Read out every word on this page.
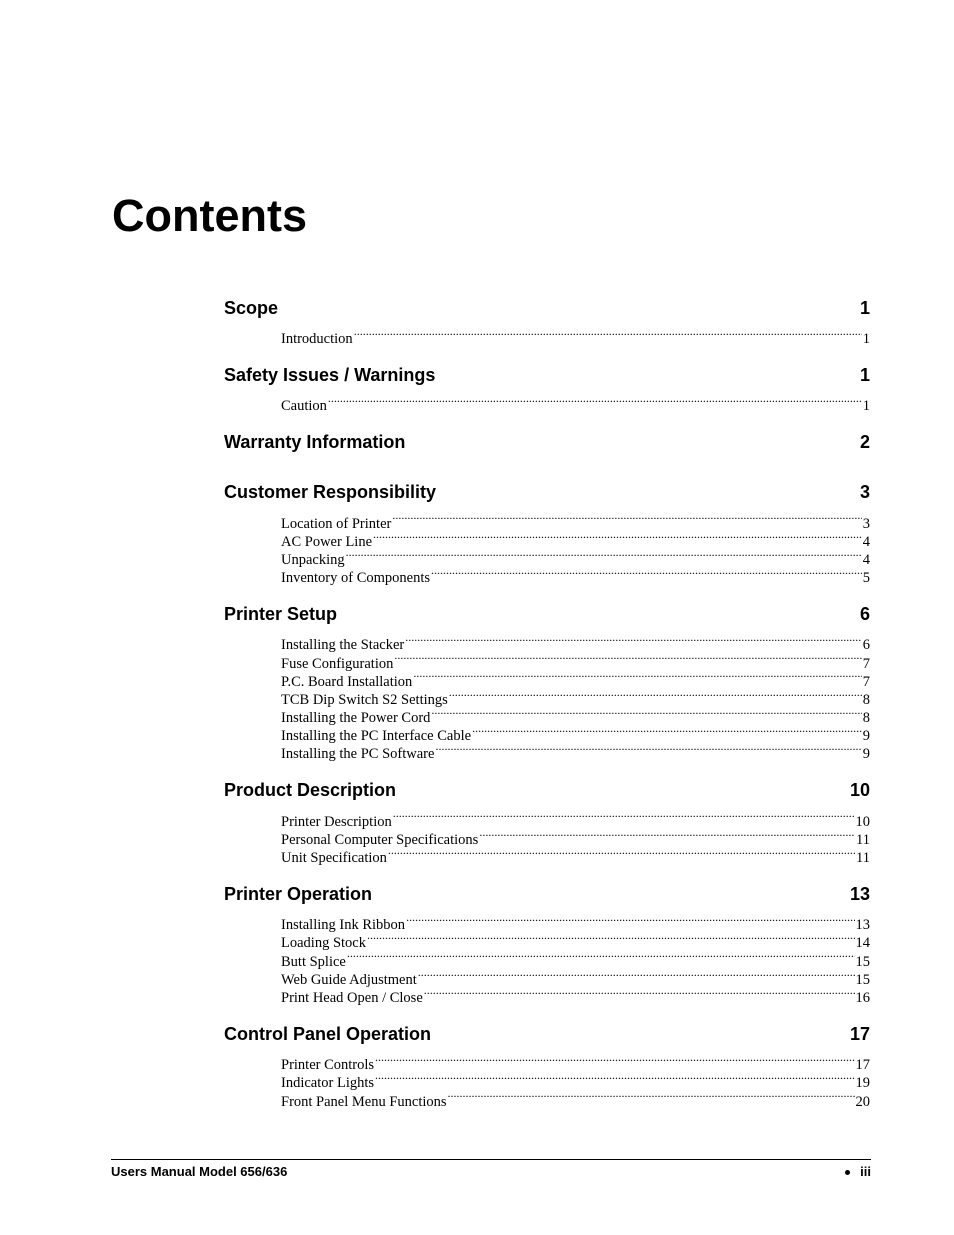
Contents
Scope	1
Introduction .....	1
Safety Issues / Warnings	1
Caution .....	1
Warranty Information	2
Customer Responsibility	3
Location of Printer .....	3
AC Power Line .....	4
Unpacking .....	4
Inventory of Components .....	5
Printer Setup	6
Installing the Stacker .....	6
Fuse Configuration .....	7
P.C. Board Installation .....	7
TCB Dip Switch S2 Settings .....	8
Installing the Power Cord .....	8
Installing the PC Interface Cable .....	9
Installing the PC Software .....	9
Product Description	10
Printer Description .....	10
Personal Computer Specifications .....	11
Unit Specification .....	11
Printer Operation	13
Installing Ink Ribbon .....	13
Loading Stock .....	14
Butt Splice .....	15
Web Guide Adjustment .....	15
Print Head Open / Close .....	16
Control Panel Operation	17
Printer Controls .....	17
Indicator Lights .....	19
Front Panel Menu Functions .....	20
Users Manual Model 656/636	iii
